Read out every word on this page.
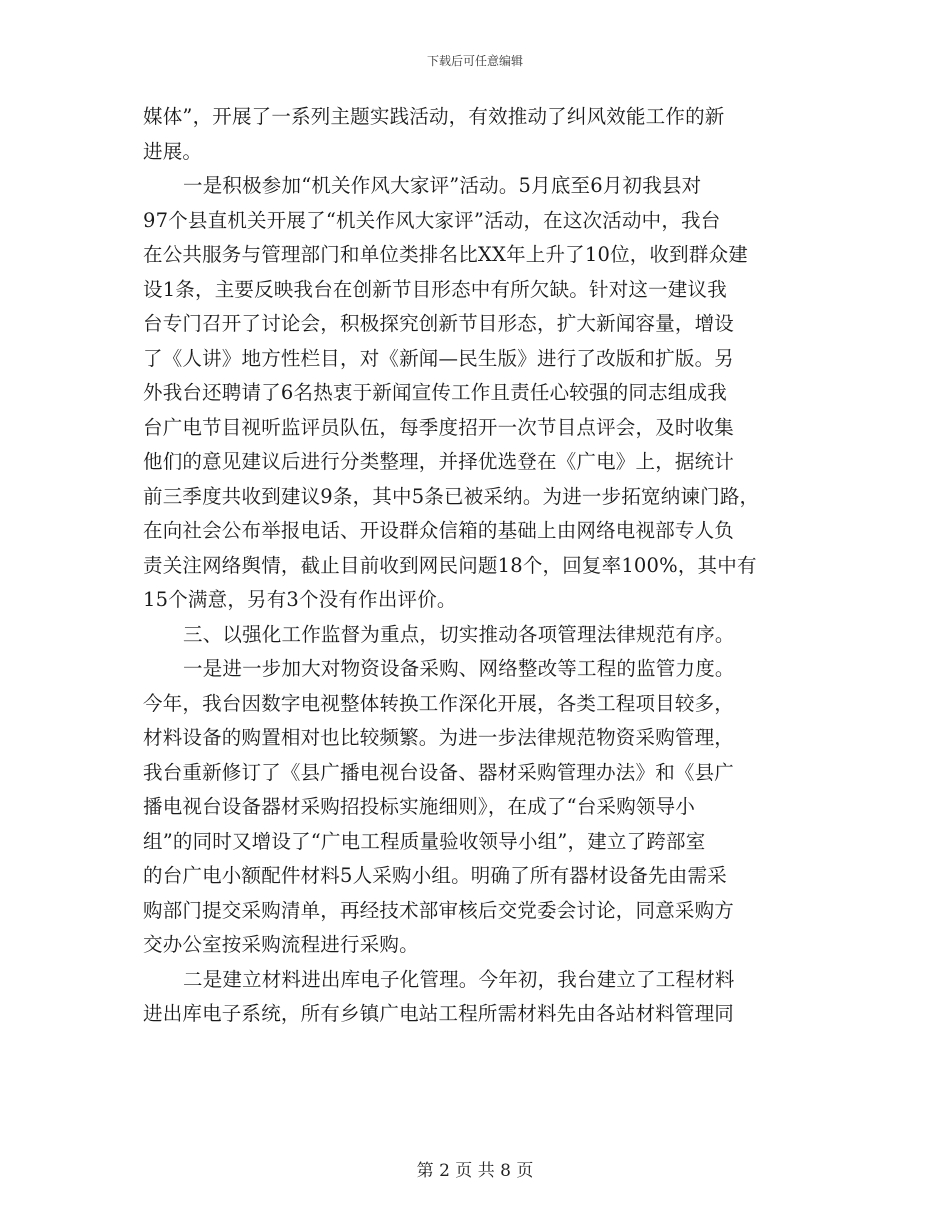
下载后可任意编辑
媒体”，开展了一系列主题实践活动，有效推动了纠风效能工作的新
进展。
一是积极参加“机关作风大家评”活动。5月底至6月初我县对
97个县直机关开展了“机关作风大家评”活动，在这次活动中，我台
在公共服务与管理部门和单位类排名比XX年上升了10位，收到群众建
设1条，主要反映我台在创新节目形态中有所欠缺。针对这一建议我
台专门召开了讨论会，积极探究创新节目形态，扩大新闻容量，增设
了《人讲》地方性栏目，对《新闻—民生版》进行了改版和扩版。另
外我台还聘请了6名热衷于新闻宣传工作且责任心较强的同志组成我
台广电节目视听监评员队伍，每季度招开一次节目点评会，及时收集
他们的意见建议后进行分类整理，并择优选登在《广电》上，据统计
前三季度共收到建议9条，其中5条已被采纳。为进一步拓宽纳谏门路，
在向社会公布举报电话、开设群众信箱的基础上由网络电视部专人负
责关注网络舆情，截止目前收到网民问题18个，回复率100%，其中有
15个满意，另有3个没有作出评价。
三、以强化工作监督为重点，切实推动各项管理法律规范有序。
一是进一步加大对物资设备采购、网络整改等工程的监管力度。
今年，我台因数字电视整体转换工作深化开展，各类工程项目较多，
材料设备的购置相对也比较频繁。为进一步法律规范物资采购管理，
我台重新修订了《县广播电视台设备、器材采购管理办法》和《县广
播电视台设备器材采购招投标实施细则》，在成了“台采购领导小
组”的同时又增设了“广电工程质量验收领导小组”，建立了跨部室
的台广电小额配件材料5人采购小组。明确了所有器材设备先由需采
购部门提交采购清单，再经技术部审核后交党委会讨论，同意采购方
交办公室按采购流程进行采购。
二是建立材料进出库电子化管理。今年初，我台建立了工程材料
进出库电子系统，所有乡镇广电站工程所需材料先由各站材料管理同
第 2 页 共 8 页
